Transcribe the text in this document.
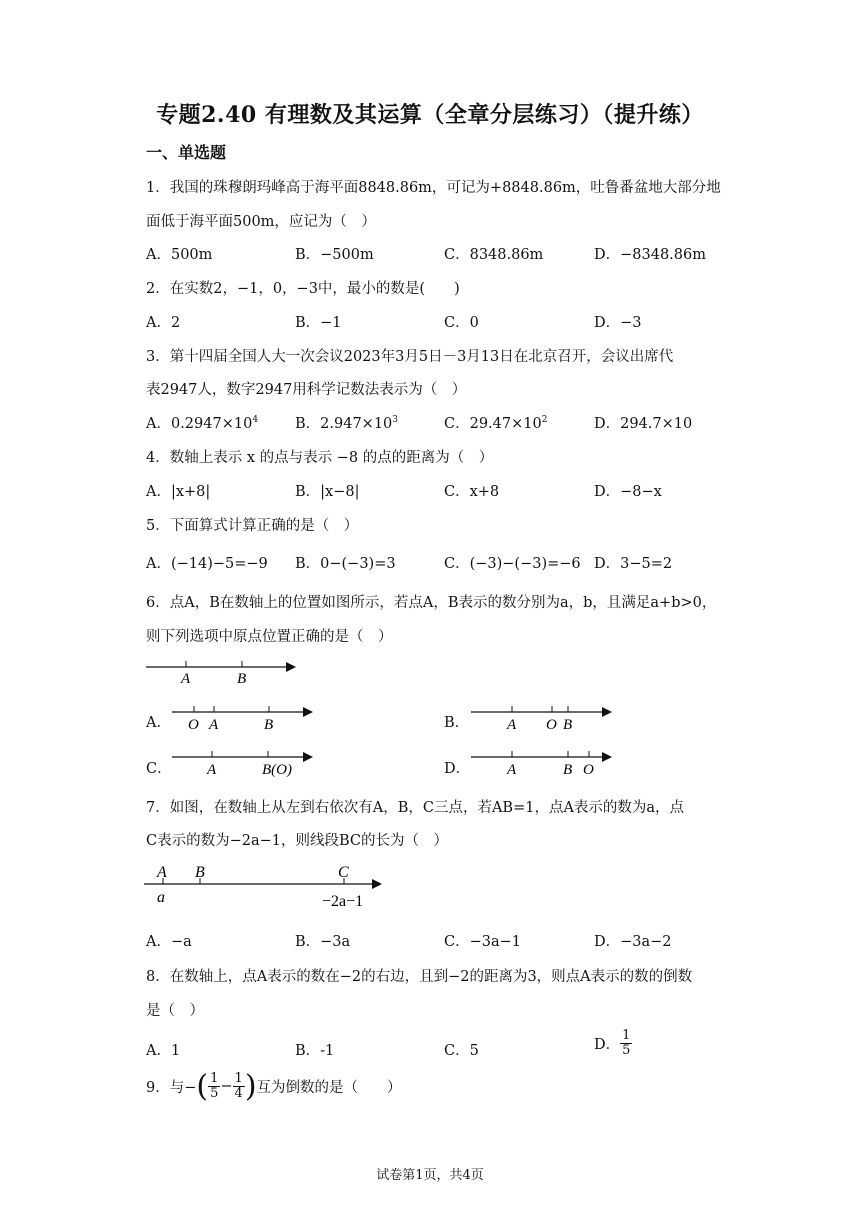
专题2.40 有理数及其运算（全章分层练习）（提升练）
一、单选题
1．我国的珠穆朗玛峰高于海平面8848.86m，可记为+8848.86m，吐鲁番盆地大部分地
面低于海平面500m，应记为（　）
A．500m	B．−500m	C．8348.86m	D．−8348.86m
2．在实数2，−1，0，−3中，最小的数是(　　)
A．2	B．−1	C．0	D．−3
3．第十四届全国人大一次会议2023年3月5日－3月13日在北京召开，会议出席代
表2947人，数字2947用科学记数法表示为（　）
A．$0.2947\times 10^4$	B．$2.947\times 10^3$	C．$29.47\times 10^2$	D．294.7×10
4．数轴上表示 x 的点与表示 −8 的点的距离为（　）
A．|x+8|	B．|x−8|	C．x+8	D．−8−x
5．下面算式计算正确的是（　）
A．(−14)−5=−9 B．0−(−3)=3	C．(−3)−(−3)=−6 D．3−5=2
6．点A，B在数轴上的位置如图所示，若点A，B表示的数分别为a，b，且满足a+b>0，
则下列选项中原点位置正确的是（　）
A	B
A． O A	B	B．	A O B
C． A	B(O)	D． A	B O
7．如图，在数轴上从左到右依次有A，B，C三点，若AB=1，点A表示的数为a，点
C表示的数为−2a−1，则线段BC的长为（　）
A B	C
a	−2a−1
A．−a	B．−3a	C．−3a−1	D．−3a−2
8．在数轴上，点A表示的数在−2的右边，且到−2的距离为3，则点A表示的数的倒数
是（　）
A．1	B．-1	C．5	D． $\frac{1}{5}$
9．与−( $\frac{1}{5} - \frac{1}{4}$ )互为倒数的是（　　）
试卷第1页，共4页
